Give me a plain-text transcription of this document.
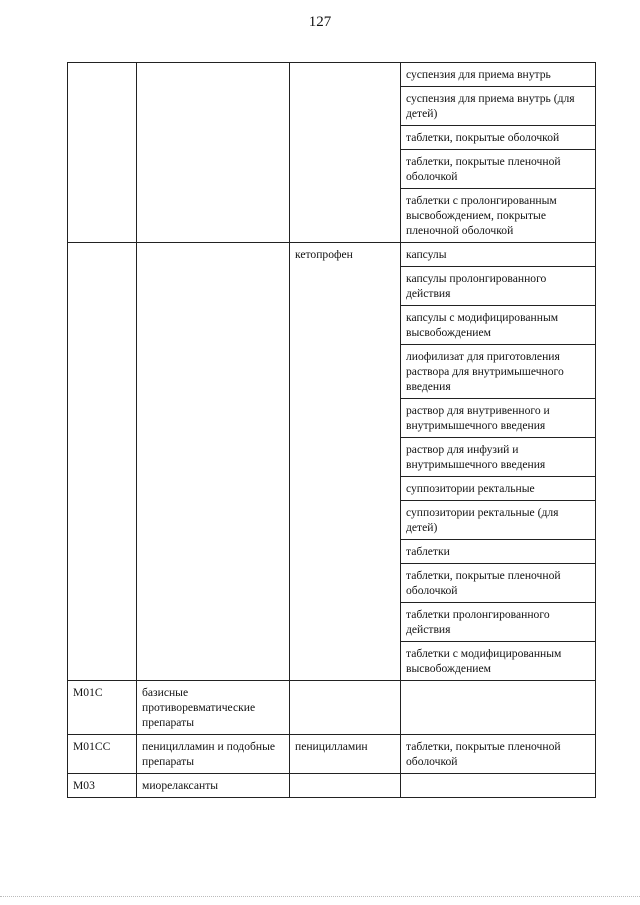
127
			суспензия для приема внутрь
			суспензия для приема внутрь (для детей)
			таблетки, покрытые оболочкой
			таблетки, покрытые пленочной оболочкой
			таблетки с пролонгированным высвобождением, покрытые пленочной оболочкой
		кетопрофен	капсулы
			капсулы пролонгированного действия
			капсулы с модифицированным высвобождением
			лиофилизат для приготовления раствора для внутримышечного введения
			раствор для внутривенного и внутримышечного введения
			раствор для инфузий и внутримышечного введения
			суппозитории ректальные
			суппозитории ректальные (для детей)
			таблетки
			таблетки, покрытые пленочной оболочкой
			таблетки пролонгированного действия
			таблетки с модифицированным высвобождением
M01C	базисные противоревматические препараты		
M01CC	пеницилламин и подобные препараты	пеницилламин	таблетки, покрытые пленочной оболочкой
M03	миорелаксанты		
